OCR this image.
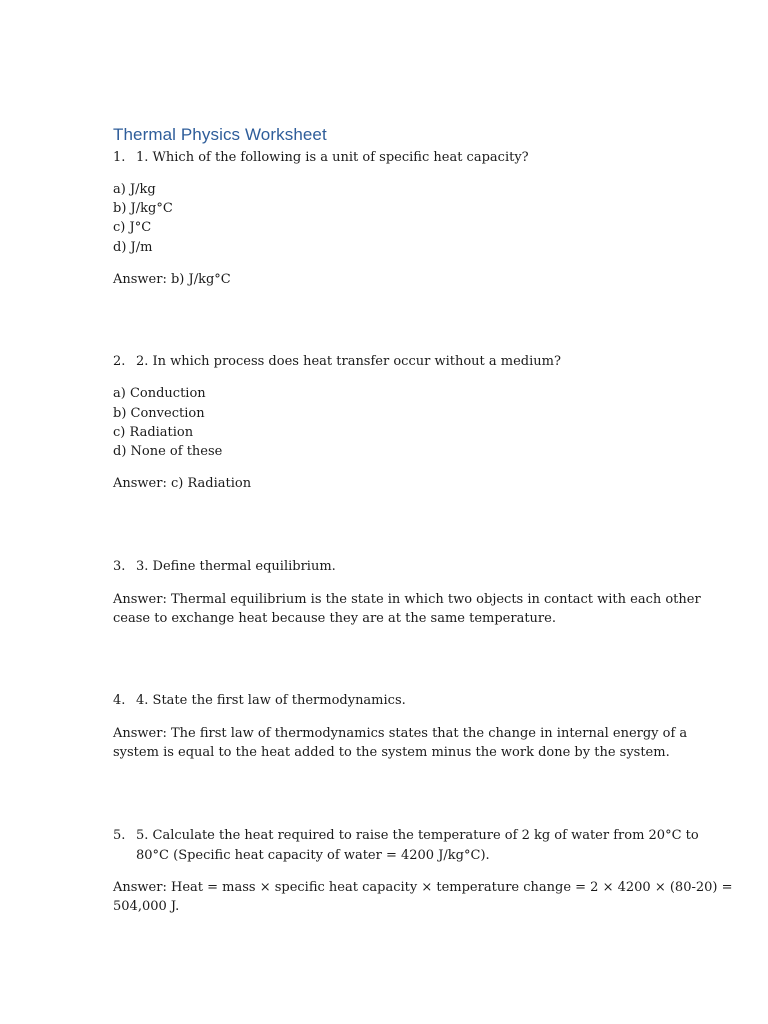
Thermal Physics Worksheet
1. 1. Which of the following is a unit of specific heat capacity?
a) J/kg
b) J/kg°C
c) J°C
d) J/m
Answer: b) J/kg°C
2. 2. In which process does heat transfer occur without a medium?
a) Conduction
b) Convection
c) Radiation
d) None of these
Answer: c) Radiation
3. 3. Define thermal equilibrium.
Answer: Thermal equilibrium is the state in which two objects in contact with each other
cease to exchange heat because they are at the same temperature.
4. 4. State the first law of thermodynamics.
Answer: The first law of thermodynamics states that the change in internal energy of a
system is equal to the heat added to the system minus the work done by the system.
5. 5. Calculate the heat required to raise the temperature of 2 kg of water from 20°C to
80°C (Specific heat capacity of water = 4200 J/kg°C).
Answer: Heat = mass × specific heat capacity × temperature change = 2 × 4200 × (80-20) =
504,000 J.
